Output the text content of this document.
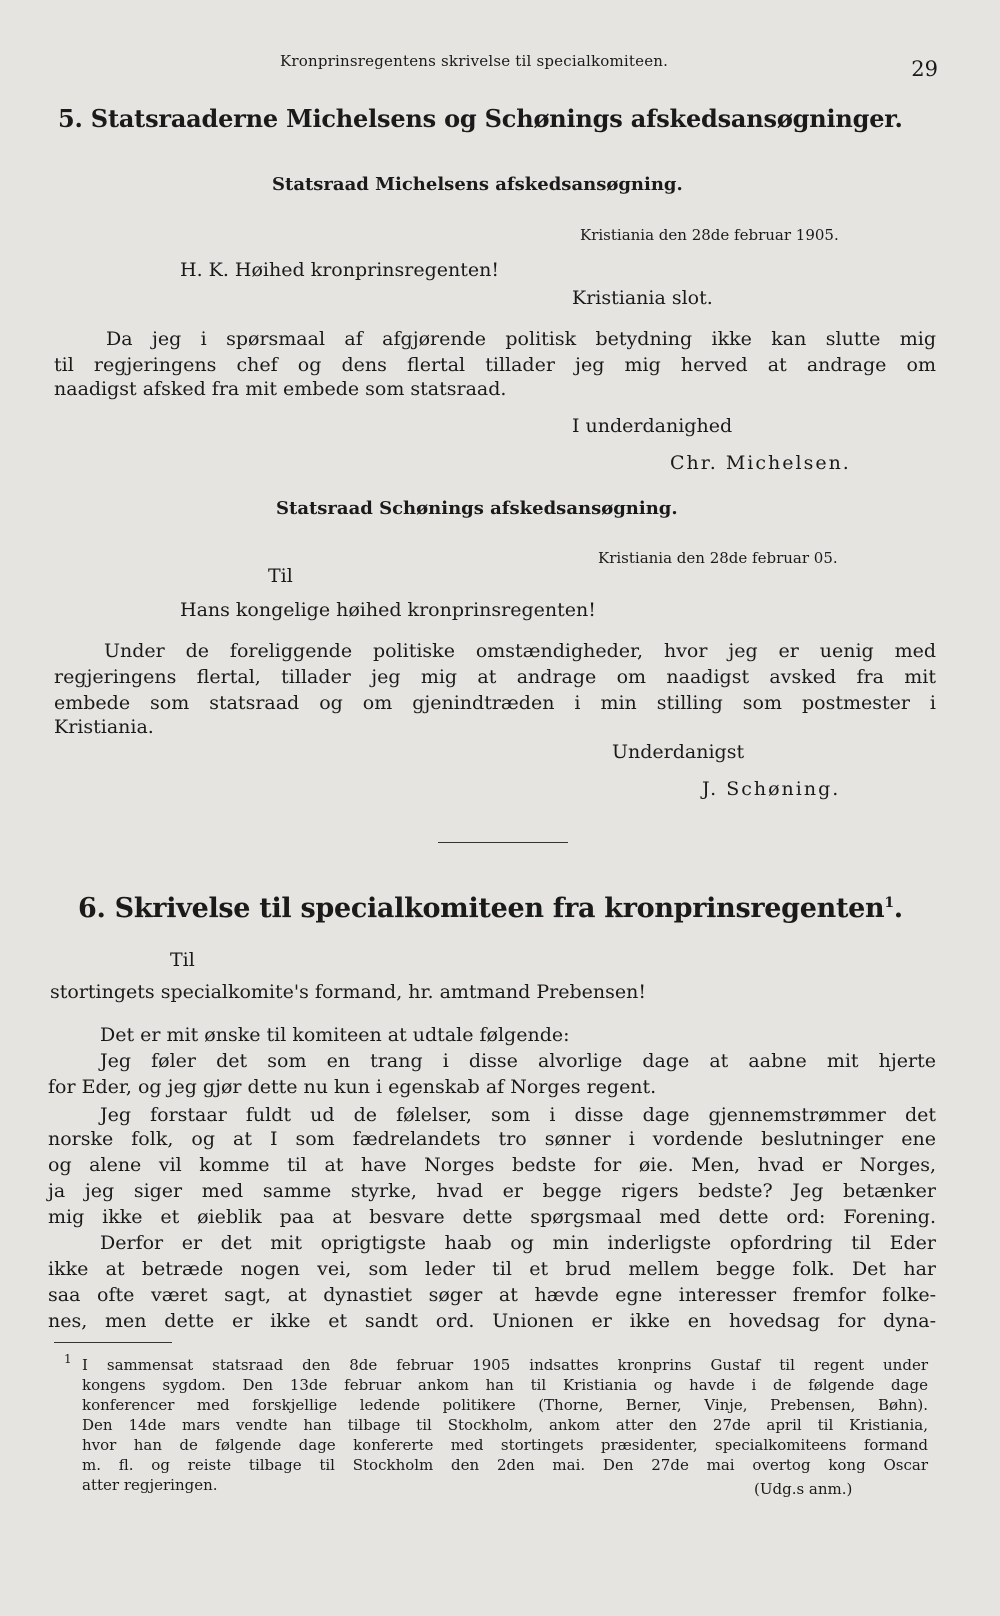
Kronprinsregentens skrivelse til specialkomiteen.	29
5. Statsraaderne Michelsens og Schønings afskedsansøgninger.
Statsraad Michelsens afskedsansøgning.
Kristiania den 28de februar 1905.
H. K. Høihed kronprinsregenten!
Kristiania slot.
Da jeg i spørsmaal af afgjørende politisk betydning ikke kan slutte mig
til regjeringens chef og dens flertal tillader jeg mig herved at andrage om
naadigst afsked fra mit embede som statsraad.
I underdanighed
Chr. Michelsen.
Statsraad Schønings afskedsansøgning.
Kristiania den 28de februar 05.
Til
Hans kongelige høihed kronprinsregenten!
Under de foreliggende politiske omstændigheder, hvor jeg er uenig med
regjeringens flertal, tillader jeg mig at andrage om naadigst avsked fra mit
embede som statsraad og om gjenindtræden i min stilling som postmester i
Kristiania.
Underdanigst
J. Schøning.
6. Skrivelse til specialkomiteen fra kronprinsregenten$^1$.
Til
stortingets specialkomite's formand, hr. amtmand Prebensen!
Det er mit ønske til komiteen at udtale følgende:
Jeg føler det som en trang i disse alvorlige dage at aabne mit hjerte
for Eder, og jeg gjør dette nu kun i egenskab af Norges regent.
Jeg forstaar fuldt ud de følelser, som i disse dage gjennemstrømmer det
norske folk, og at I som fædrelandets tro sønner i vordende beslutninger ene
og alene vil komme til at have Norges bedste for øie. Men, hvad er Norges,
ja jeg siger med samme styrke, hvad er begge rigers bedste? Jeg betænker
mig ikke et øieblik paa at besvare dette spørgsmaal med dette ord: Forening.
Derfor er det mit oprigtigste haab og min inderligste opfordring til Eder
ikke at betræde nogen vei, som leder til et brud mellem begge folk. Det har
saa ofte været sagt, at dynastiet søger at hævde egne interesser fremfor folke-
nes, men dette er ikke et sandt ord. Unionen er ikke en hovedsag for dyna-
1 I sammensat statsraad den 8de februar 1905 indsattes kronprins Gustaf til regent under
kongens sygdom. Den 13de februar ankom han til Kristiania og havde i de følgende dage
konferencer med forskjellige ledende politikere (Thorne, Berner, Vinje, Prebensen, Bøhn).
Den 14de mars vendte han tilbage til Stockholm, ankom atter den 27de april til Kristiania,
hvor han de følgende dage konfererte med stortingets præsidenter, specialkomiteens formand
m. fl. og reiste tilbage til Stockholm den 2den mai. Den 27de mai overtog kong Oscar
atter regjeringen.	(Udg.s anm.)
